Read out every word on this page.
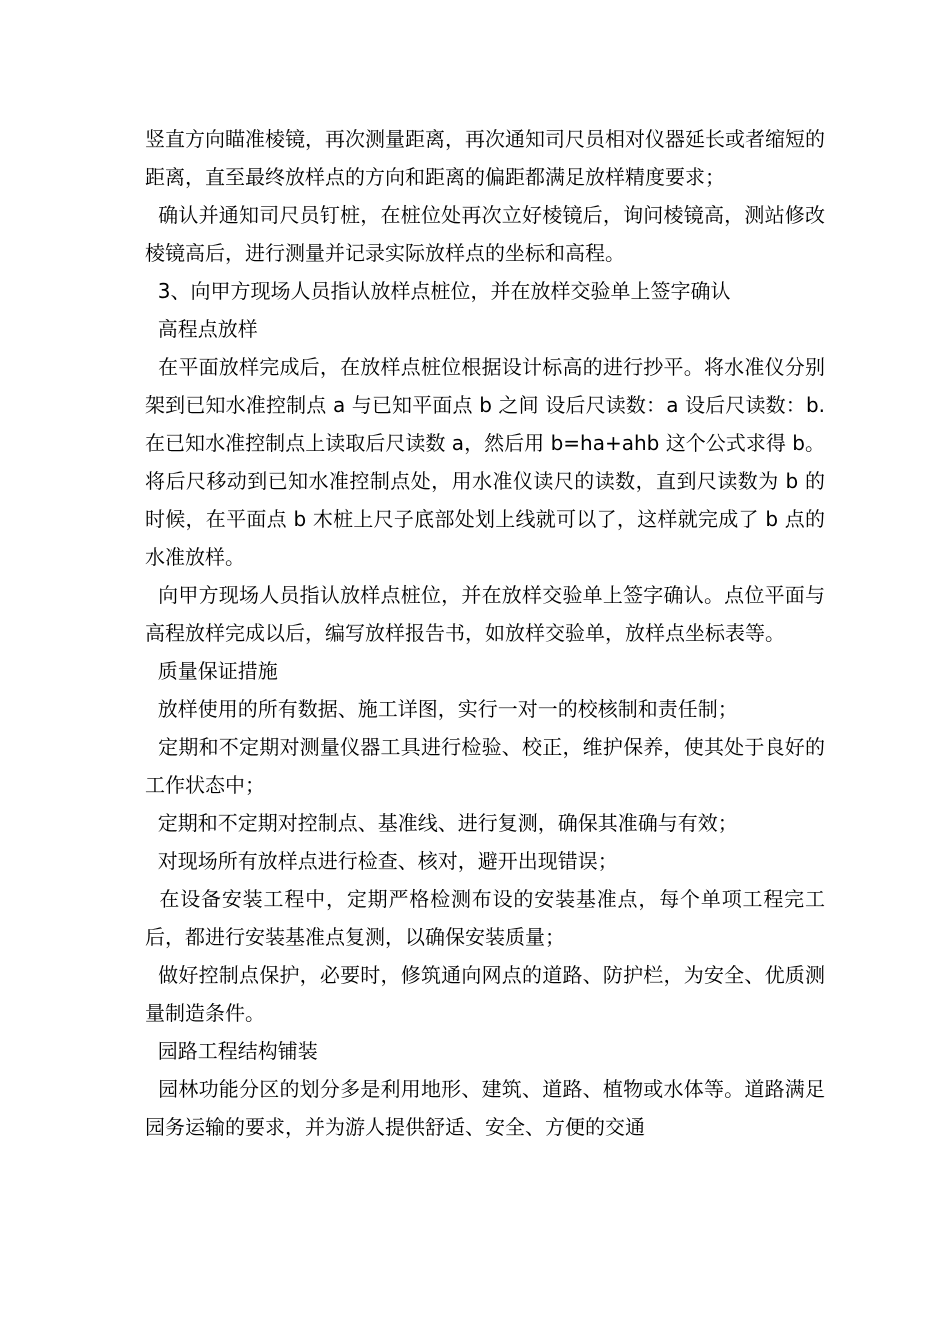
竖直方向瞄准棱镜，再次测量距离，再次通知司尺员相对仪器延长或者缩短的距离，直至最终放样点的方向和距离的偏距都满足放样精度要求；

确认并通知司尺员钉桩，在桩位处再次立好棱镜后，询问棱镜高，测站修改棱镜高后，进行测量并记录实际放样点的坐标和高程。

3、向甲方现场人员指认放样点桩位，并在放样交验单上签字确认

高程点放样

在平面放样完成后，在放样点桩位根据设计标高的进行抄平。将水准仪分别架到已知水准控制点 a 与已知平面点 b 之间 设后尺读数：a 设后尺读数：b.在已知水准控制点上读取后尺读数 a，然后用 b=ha+ahb 这个公式求得 b。将后尺移动到已知水准控制点处，用水准仪读尺的读数，直到尺读数为 b 的时候，在平面点 b 木桩上尺子底部处划上线就可以了，这样就完成了 b 点的水准放样。

向甲方现场人员指认放样点桩位，并在放样交验单上签字确认。点位平面与高程放样完成以后，编写放样报告书，如放样交验单，放样点坐标表等。

质量保证措施

放样使用的所有数据、施工详图，实行一对一的校核制和责任制；

定期和不定期对测量仪器工具进行检验、校正，维护保养，使其处于良好的工作状态中；

定期和不定期对控制点、基准线、进行复测，确保其准确与有效；

对现场所有放样点进行检查、核对，避开出现错误；

在设备安装工程中，定期严格检测布设的安装基准点，每个单项工程完工后，都进行安装基准点复测，以确保安装质量；

做好控制点保护，必要时，修筑通向网点的道路、防护栏，为安全、优质测量制造条件。

园路工程结构铺装

园林功能分区的划分多是利用地形、建筑、道路、植物或水体等。道路满足园务运输的要求，并为游人提供舒适、安全、方便的交通
